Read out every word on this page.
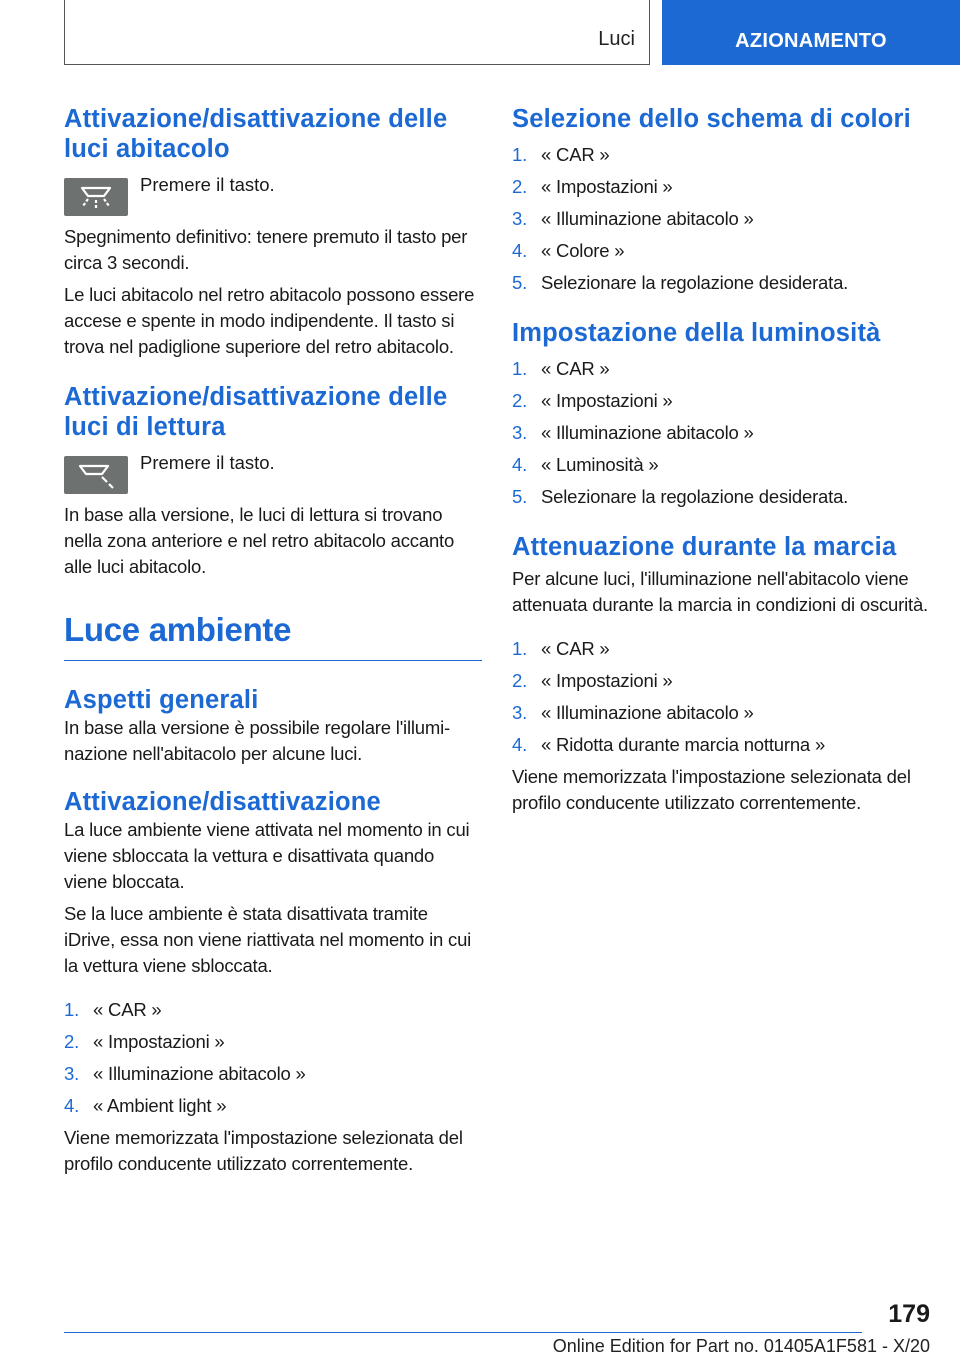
Luci	AZIONAMENTO
Attivazione/disattivazione delle luci abitacolo
Premere il tasto.

Spegnimento definitivo: tenere premuto il tasto per circa 3 secondi.

Le luci abitacolo nel retro abitacolo possono essere accese e spente in modo indipendente. Il tasto si trova nel padiglione superiore del retro abitacolo.

Attivazione/disattivazione delle luci di lettura
Premere il tasto.

In base alla versione, le luci di lettura si trovano nella zona anteriore e nel retro abitacolo accanto alle luci abitacolo.

Luce ambiente
Aspetti generali

In base alla versione è possibile regolare l'illuminazione nell'abitacolo per alcune luci.

Attivazione/disattivazione

La luce ambiente viene attivata nel momento in cui viene sbloccata la vettura e disattivata quando viene bloccata.

Se la luce ambiente è stata disattivata tramite iDrive, essa non viene riattivata nel momento in cui la vettura viene sbloccata.

1. « CAR »
2. « Impostazioni »
3. « Illuminazione abitacolo »
4. « Ambient light »

Viene memorizzata l'impostazione selezionata del profilo conducente utilizzato correntemente.

Selezione dello schema di colori
1. « CAR »
2. « Impostazioni »
3. « Illuminazione abitacolo »
4. « Colore »
5. Selezionare la regolazione desiderata.
Impostazione della luminosità
1. « CAR »
2. « Impostazioni »
3. « Illuminazione abitacolo »
4. « Luminosità »
5. Selezionare la regolazione desiderata.
Attenuazione durante la marcia

Per alcune luci, l'illuminazione nell'abitacolo viene attenuata durante la marcia in condizioni di oscurità.

1. « CAR »
2. « Impostazioni »
3. « Illuminazione abitacolo »
4. « Ridotta durante marcia notturna »

Viene memorizzata l'impostazione selezionata del profilo conducente utilizzato correntemente.

179
Online Edition for Part no. 01405A1F581 - X/20
